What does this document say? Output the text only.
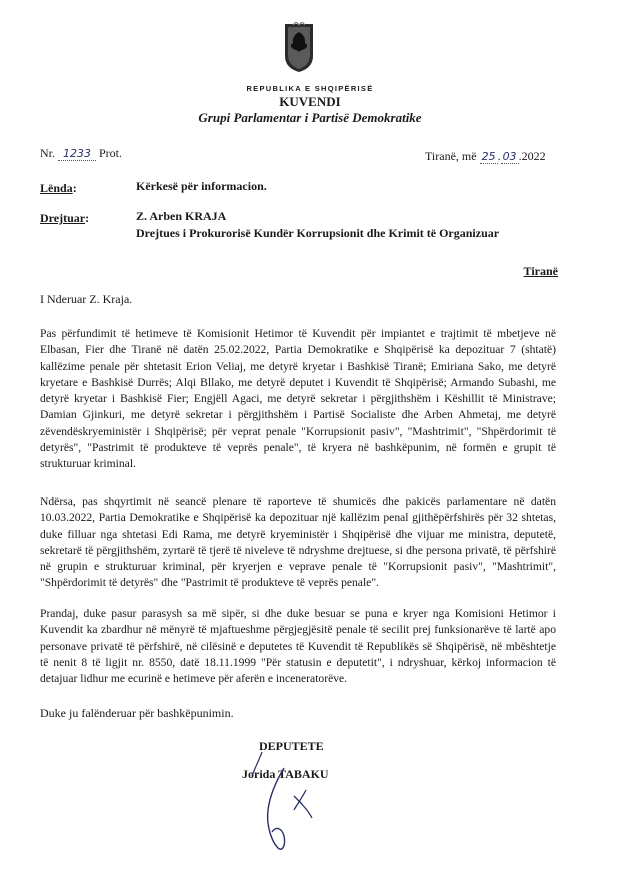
REPUBLIKA E SHQIPËRISË
KUVENDI
Grupi Parlamentar i Partisë Demokratike
Nr. 1233 Prot.	Tiranë, më 25 . 03 .2022
Lënda:	Kërkesë për informacion.
Drejtuar:	Z. Arben KRAJA
Drejtues i Prokurorisë Kundër Korrupsionit dhe Krimit të Organizuar
Tiranë
I Nderuar Z. Kraja.

Pas përfundimit të hetimeve të Komisionit Hetimor të Kuvendit për impiantet e trajtimit të mbetjeve në Elbasan, Fier dhe Tiranë në datën 25.02.2022, Partia Demokratike e Shqipërisë ka depozituar 7 (shtatë) kallëzime penale për shtetasit Erion Veliaj, me detyrë kryetar i Bashkisë Tiranë; Emiriana Sako, me detyrë kryetare e Bashkisë Durrës; Alqi Bllako, me detyrë deputet i Kuvendit të Shqipërisë; Armando Subashi, me detyrë kryetar i Bashkisë Fier; Engjëll Agaci, me detyrë sekretar i përgjithshëm i Këshillit të Ministrave; Damian Gjinkuri, me detyrë sekretar i përgjithshëm i Partisë Socialiste dhe Arben Ahmetaj, me detyrë zëvendëskryeministër i Shqipërisë; për veprat penale "Korrupsionit pasiv", "Mashtrimit", "Shpërdorimit të detyrës", "Pastrimit të produkteve të veprës penale", të kryera në bashkëpunim, në formën e grupit të strukturuar kriminal.

Ndërsa, pas shqyrtimit në seancë plenare të raporteve të shumicës dhe pakicës parlamentare në datën 10.03.2022, Partia Demokratike e Shqipërisë ka depozituar një kallëzim penal gjithëpërfshirës për 32 shtetas, duke filluar nga shtetasi Edi Rama, me detyrë kryeministër i Shqipërisë dhe vijuar me ministra, deputetë, sekretarë të përgjithshëm, zyrtarë të tjerë të niveleve të ndryshme drejtuese, si dhe persona privatë, të përfshirë në grupin e strukturuar kriminal, për kryerjen e veprave penale të "Korrupsionit pasiv", "Mashtrimit", "Shpërdorimit të detyrës" dhe "Pastrimit të produkteve të veprës penale".

Prandaj, duke pasur parasysh sa më sipër, si dhe duke besuar se puna e kryer nga Komisioni Hetimor i Kuvendit ka zbardhur në mënyrë të mjaftueshme përgjegjësitë penale të secilit prej funksionarëve të lartë apo personave privatë të përfshirë, në cilësinë e deputetes të Kuvendit të Republikës së Shqipërisë, në mbështetje të nenit 8 të ligjit nr. 8550, datë 18.11.1999 "Për statusin e deputetit", i ndryshuar, kërkoj informacion të detajuar lidhur me ecurinë e hetimeve për aferën e inceneratorëve.

Duke ju falënderuar për bashkëpunimin.
DEPUTETE
Jorida TABAKU
